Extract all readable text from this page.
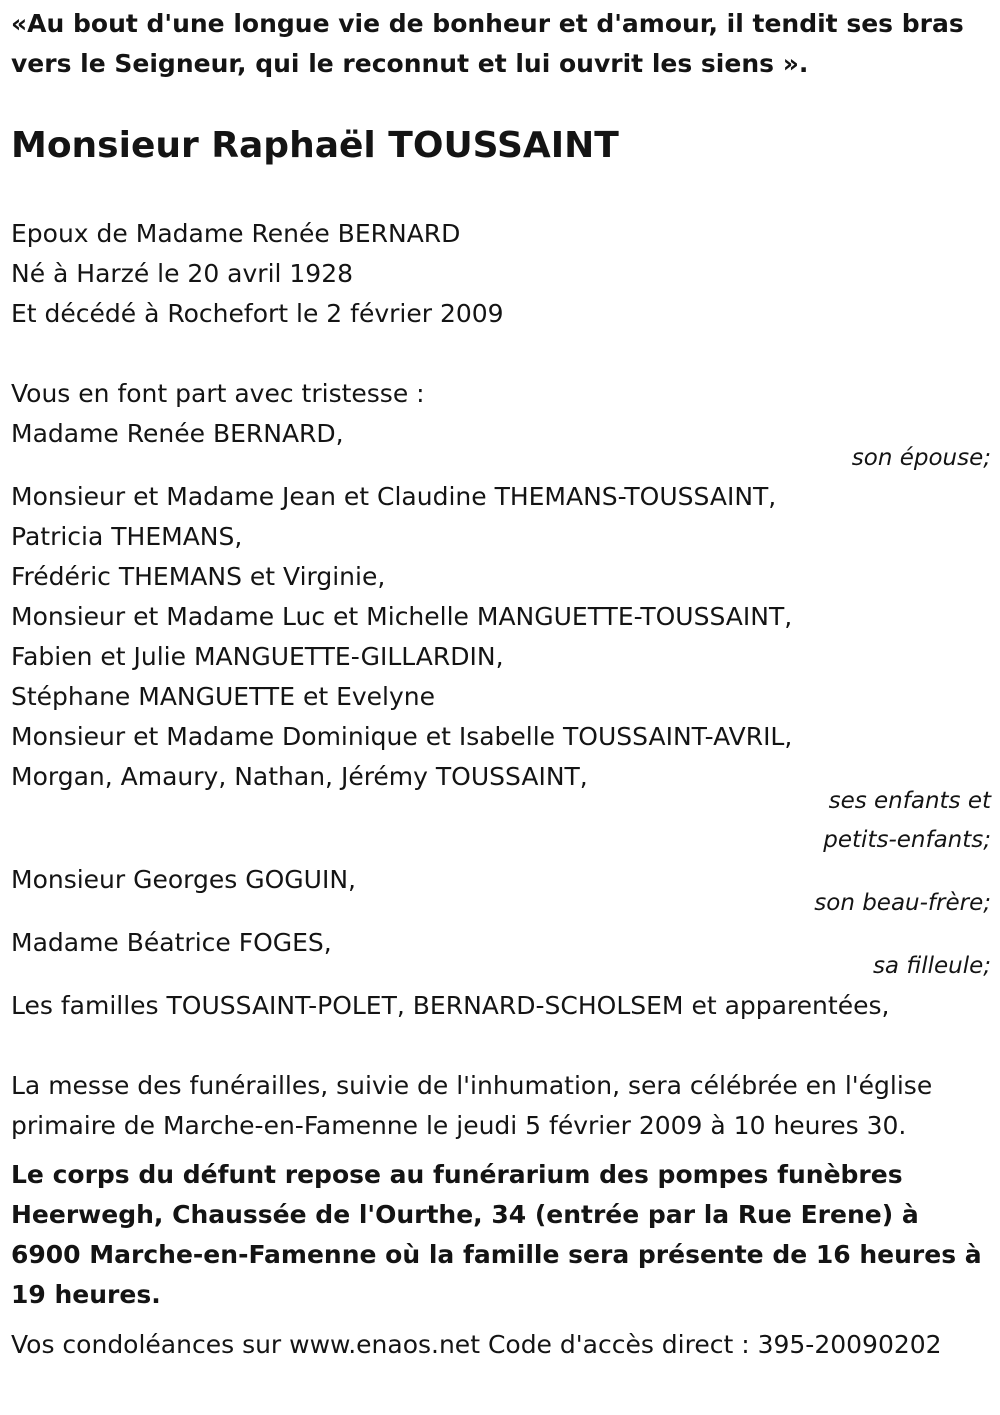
«Au bout d'une longue vie de bonheur et d'amour, il tendit ses bras vers le Seigneur, qui le reconnut et lui ouvrit les siens ».

Monsieur Raphaël TOUSSAINT
Epoux de Madame Renée BERNARD
Né à Harzé le 20 avril 1928
Et décédé à Rochefort le 2 février 2009
Vous en font part avec tristesse :
Madame Renée BERNARD,
son épouse;
Monsieur et Madame Jean et Claudine THEMANS-TOUSSAINT,
Patricia THEMANS,
Frédéric THEMANS et Virginie,
Monsieur et Madame Luc et Michelle MANGUETTE-TOUSSAINT,
Fabien et Julie MANGUETTE-GILLARDIN,
Stéphane MANGUETTE et Evelyne
Monsieur et Madame Dominique et Isabelle TOUSSAINT-AVRIL,
Morgan, Amaury, Nathan, Jérémy TOUSSAINT,
ses enfants et
petits-enfants;
Monsieur Georges GOGUIN,
son beau-frère;
Madame Béatrice FOGES,
sa filleule;
Les familles TOUSSAINT-POLET, BERNARD-SCHOLSEM et apparentées,

La messe des funérailles, suivie de l'inhumation, sera célébrée en l'église primaire de Marche-en-Famenne le jeudi 5 février 2009 à 10 heures 30.

Le corps du défunt repose au funérarium des pompes funèbres Heerwegh, Chaussée de l'Ourthe, 34 (entrée par la Rue Erene) à 6900 Marche-en-Famenne où la famille sera présente de 16 heures à 19 heures.

Vos condoléances sur www.enaos.net Code d'accès direct : 395-20090202
